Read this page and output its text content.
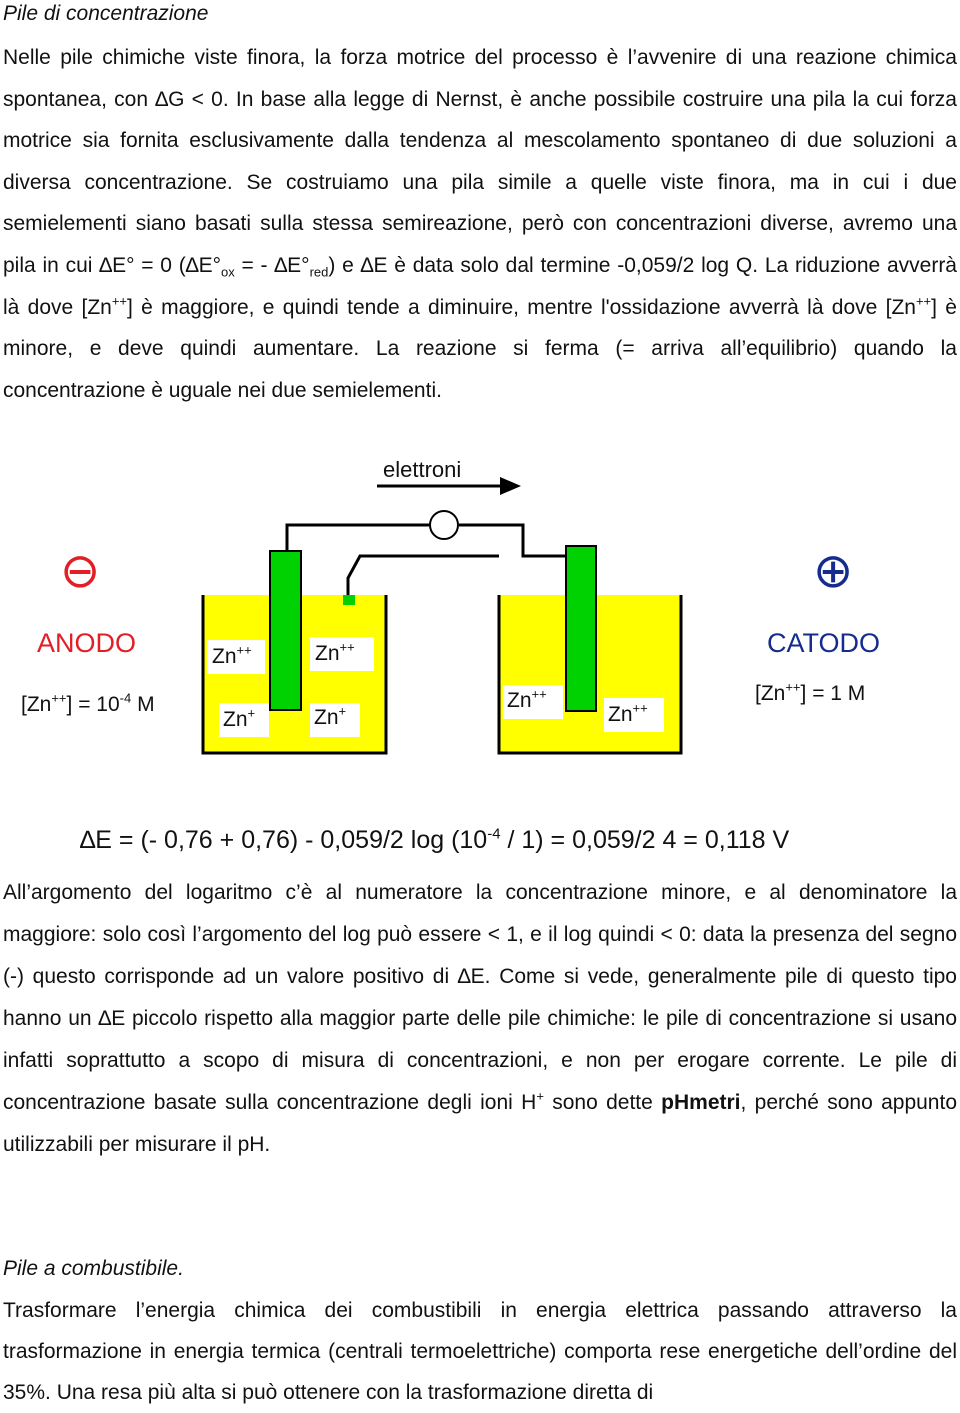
Pile di concentrazione
Nelle pile chimiche viste finora, la forza motrice del processo è l’avvenire di una reazione chimica spontanea, con ∆G < 0. In base alla legge di Nernst, è anche possibile costruire una pila la cui forza motrice sia fornita esclusivamente dalla tendenza al mescolamento spontaneo di due soluzioni a diversa concentrazione. Se costruiamo una pila simile a quelle viste finora, ma in cui i due semielementi siano basati sulla stessa semireazione, però con concentrazioni diverse, avremo una pila in cui ∆E° = 0 ($\Delta E^\circ_{ox}$ = - $\Delta E^\circ_{red}$) e ∆E è data solo dal termine -0,059/2 log Q. La riduzione avverrà là dove [Zn++] è maggiore, e quindi tende a diminuire, mentre l'ossidazione avverrà là dove [Zn++] è minore, e deve quindi aumentare. La reazione si ferma (= arriva all’equilibrio) quando la concentrazione è uguale nei due semielementi.
elettroni
⊖	⊕
ANODO	CATODO
$[Zn^{++}] = 10^{-4}$ M	[Zn++] = 1 M
Zn++	Zn++
Zn+	Zn+	Zn++
Zn++
∆E = (- 0,76 + 0,76) - 0,059/2 $\log (10^{-4} / 1) = 0,059/2$ 4 = 0,118 V
All’argomento del logaritmo c’è al numeratore la concentrazione minore, e al denominatore la maggiore: solo così l’argomento del log può essere < 1, e il log quindi < 0: data la presenza del segno (-) questo corrisponde ad un valore positivo di ∆E. Come si vede, generalmente pile di questo tipo hanno un ∆E piccolo rispetto alla maggior parte delle pile chimiche: le pile di concentrazione si usano infatti soprattutto a scopo di misura di concentrazioni, e non per erogare corrente. Le pile di concentrazione basate sulla concentrazione degli ioni H+ sono dette pHmetri, perché sono appunto utilizzabili per misurare il pH.
Pile a combustibile.
Trasformare l’energia chimica dei combustibili in energia elettrica passando attraverso la trasformazione in energia termica (centrali termoelettriche) comporta rese energetiche dell’ordine del 35%. Una resa più alta si può ottenere con la trasformazione diretta di
